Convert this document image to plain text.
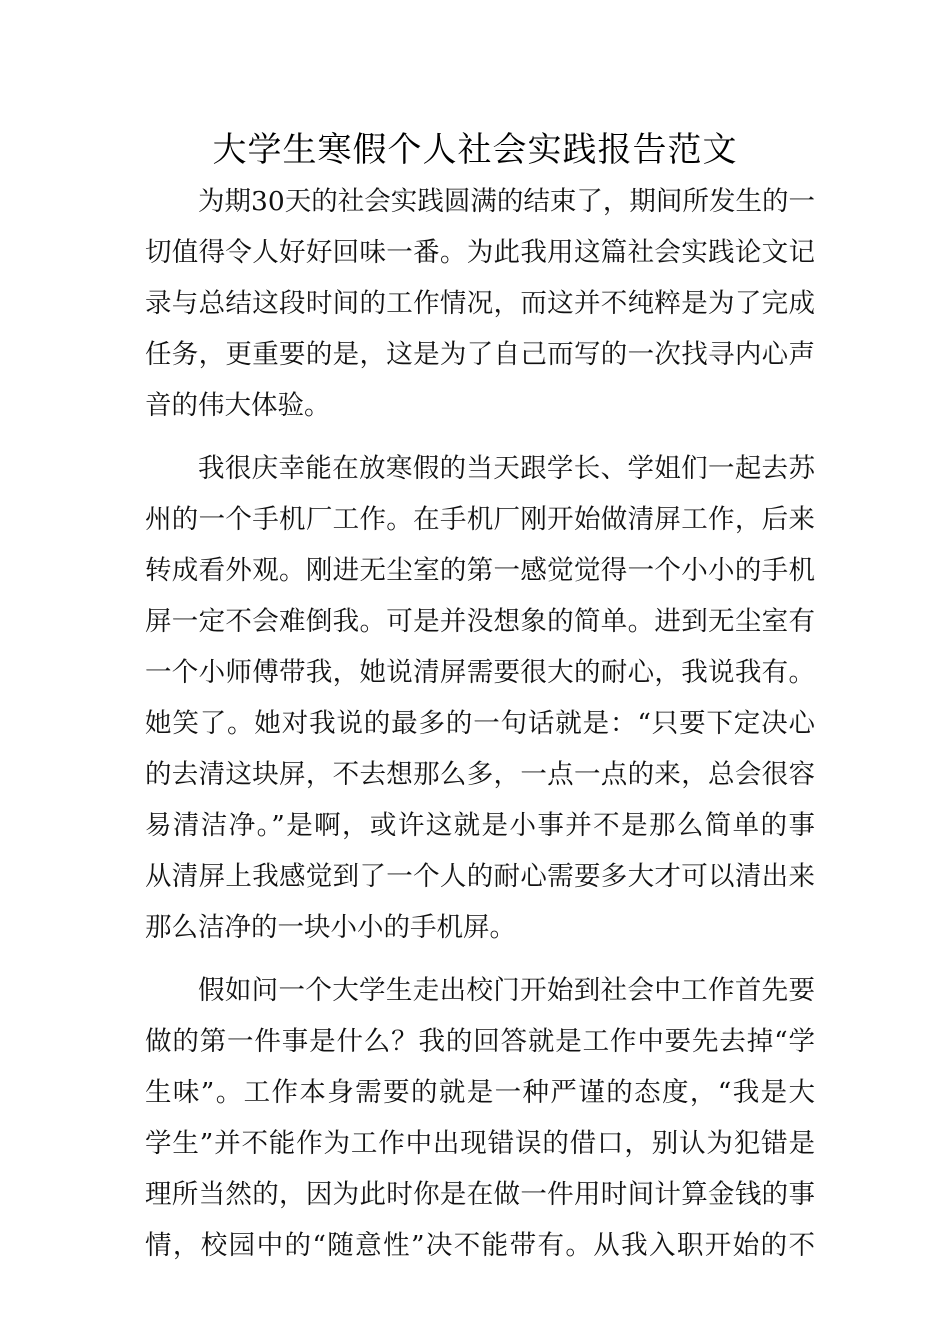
大学生寒假个人社会实践报告范文
为期30天的社会实践圆满的结束了，期间所发生的一
切值得令人好好回味一番。为此我用这篇社会实践论文记
录与总结这段时间的工作情况，而这并不纯粹是为了完成
任务，更重要的是，这是为了自己而写的一次找寻内心声
音的伟大体验。
我很庆幸能在放寒假的当天跟学长、学姐们一起去苏
州的一个手机厂工作。在手机厂刚开始做清屏工作，后来
转成看外观。刚进无尘室的第一感觉觉得一个小小的手机
屏一定不会难倒我。可是并没想象的简单。进到无尘室有
一个小师傅带我，她说清屏需要很大的耐心，我说我有。
她笑了。她对我说的最多的一句话就是：“只要下定决心
的去清这块屏，不去想那么多，一点一点的来，总会很容
易清洁净。”是啊，或许这就是小事并不是那么简单的事
从清屏上我感觉到了一个人的耐心需要多大才可以清出来
那么洁净的一块小小的手机屏。
假如问一个大学生走出校门开始到社会中工作首先要
做的第一件事是什么？我的回答就是工作中要先去掉“学
生味”。工作本身需要的就是一种严谨的态度，“我是大
学生”并不能作为工作中出现错误的借口，别认为犯错是
理所当然的，因为此时你是在做一件用时间计算金钱的事
情，校园中的“随意性”决不能带有。从我入职开始的不
